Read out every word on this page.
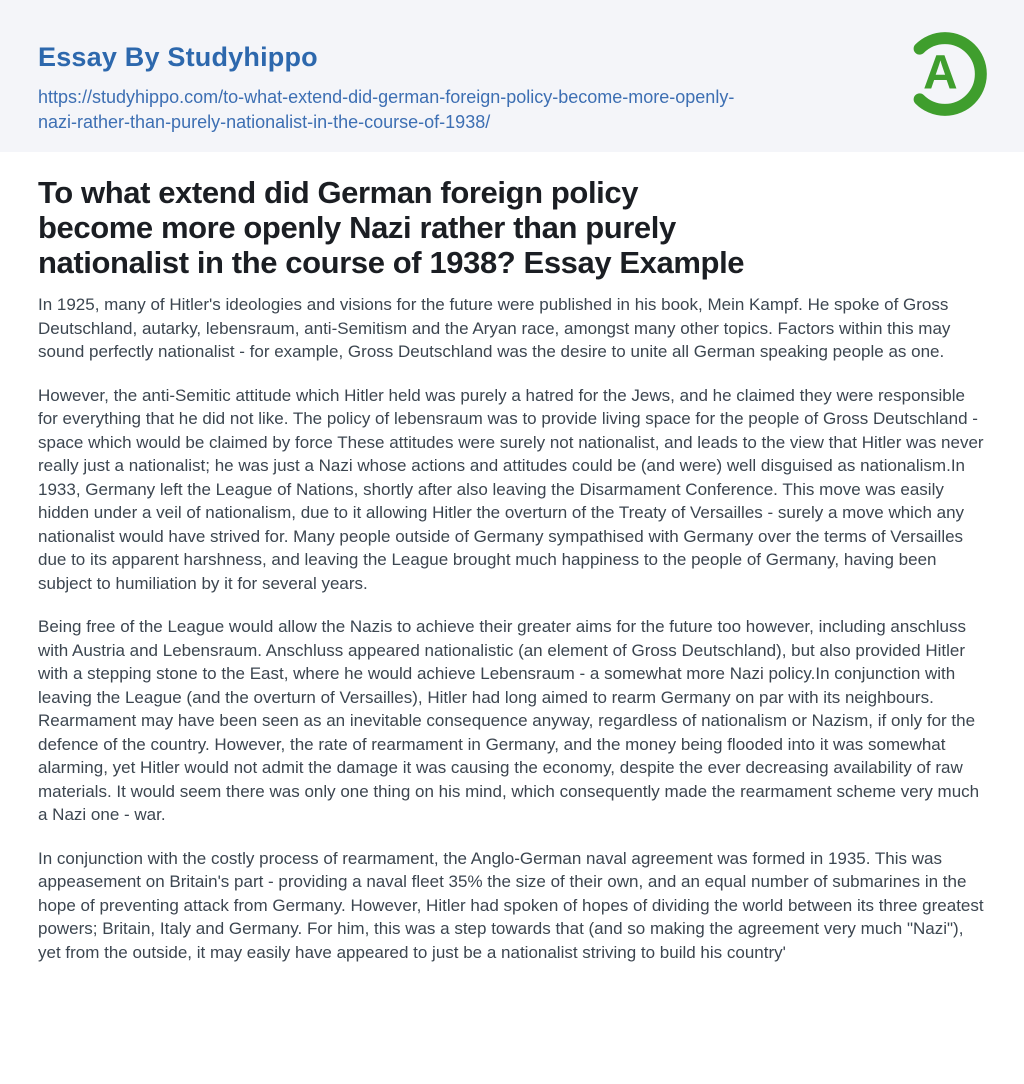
Essay By Studyhippo
https://studyhippo.com/to-what-extend-did-german-foreign-policy-become-more-openly-nazi-rather-than-purely-nationalist-in-the-course-of-1938/
A
To what extend did German foreign policy
become more openly Nazi rather than purely
nationalist in the course of 1938? Essay Example

In 1925, many of Hitler's ideologies and visions for the future were published in his book, Mein Kampf. He spoke of Gross Deutschland, autarky, lebensraum, anti-Semitism and the Aryan race, amongst many other topics. Factors within this may sound perfectly nationalist - for example, Gross Deutschland was the desire to unite all German speaking people as one.

However, the anti-Semitic attitude which Hitler held was purely a hatred for the Jews, and he claimed they were responsible for everything that he did not like. The policy of lebensraum was to provide living space for the people of Gross Deutschland - space which would be claimed by force These attitudes were surely not nationalist, and leads to the view that Hitler was never really just a nationalist; he was just a Nazi whose actions and attitudes could be (and were) well disguised as nationalism.In 1933, Germany left the League of Nations, shortly after also leaving the Disarmament Conference. This move was easily hidden under a veil of nationalism, due to it allowing Hitler the overturn of the Treaty of Versailles - surely a move which any nationalist would have strived for. Many people outside of Germany sympathised with Germany over the terms of Versailles due to its apparent harshness, and leaving the League brought much happiness to the people of Germany, having been subject to humiliation by it for several years.

Being free of the League would allow the Nazis to achieve their greater aims for the future too however, including anschluss with Austria and Lebensraum. Anschluss appeared nationalistic (an element of Gross Deutschland), but also provided Hitler with a stepping stone to the East, where he would achieve Lebensraum - a somewhat more Nazi policy.In conjunction with leaving the League (and the overturn of Versailles), Hitler had long aimed to rearm Germany on par with its neighbours. Rearmament may have been seen as an inevitable consequence anyway, regardless of nationalism or Nazism, if only for the defence of the country. However, the rate of rearmament in Germany, and the money being flooded into it was somewhat alarming, yet Hitler would not admit the damage it was causing the economy, despite the ever decreasing availability of raw materials. It would seem there was only one thing on his mind, which consequently made the rearmament scheme very much a Nazi one - war.

In conjunction with the costly process of rearmament, the Anglo-German naval agreement was formed in 1935. This was appeasement on Britain's part - providing a naval fleet 35% the size of their own, and an equal number of submarines in the hope of preventing attack from Germany. However, Hitler had spoken of hopes of dividing the world between its three greatest powers; Britain, Italy and Germany. For him, this was a step towards that (and so making the agreement very much "Nazi"), yet from the outside, it may easily have appeared to just be a nationalist striving to build his country'
